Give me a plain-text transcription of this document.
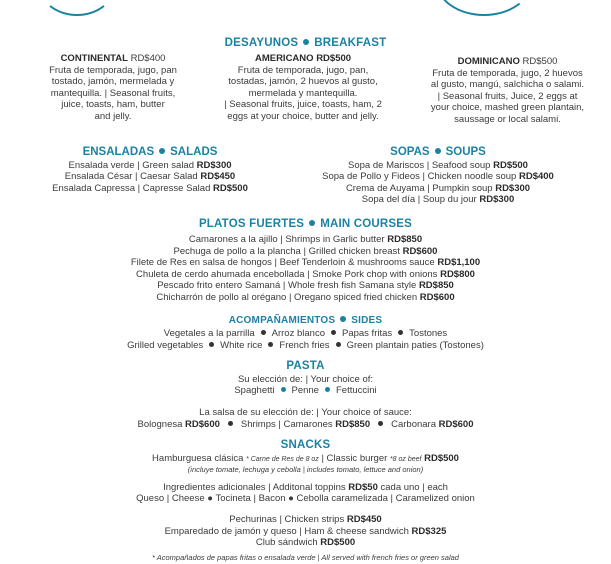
DESAYUNOS BREAKFAST
CONTINENTAL RD$400
Fruta de temporada, jugo, pan
tostado, jamón, mermelada y
mantequilla. | Seasonal fruits,
juice, toasts, ham, butter
and jelly.
AMERICANO RD$500
Fruta de temporada, jugo, pan,
tostadas, jamón, 2 huevos al gusto,
mermelada y mantequilla.
| Seasonal fruits, juice, toasts, ham, 2
eggs at your choice, butter and jelly.
DOMINICANO RD$500
Fruta de temporada, jugo, 2 huevos
al gusto, mangú, salchicha o salami.
| Seasonal fruits, Juice, 2 eggs at
your choice, mashed green plantain,
saussage or local salami.
ENSALADAS SALADS
Ensalada verde | Green salad RD$300
Ensalada César | Caesar Salad RD$450
Ensalada Capressa | Capresse Salad RD$500
SOPAS SOUPS
Sopa de Mariscos | Seafood soup RD$500
Sopa de Pollo y Fideos | Chicken noodle soup RD$400
Crema de Auyama | Pumpkin soup RD$300
Sopa del día | Soup du jour RD$300
PLATOS FUERTES MAIN COURSES
Camarones a la ajillo | Shrimps in Garlic butter RD$850
Pechuga de pollo a la plancha | Grilled chicken breast RD$600
Filete de Res en salsa de hongos | Beef Tenderloin & mushrooms sauce RD$1,100
Chuleta de cerdo ahumada encebollada | Smoke Pork chop with onions RD$800
Pescado frito entero Samaná | Whole fresh fish Samana style RD$850
Chicharrón de pollo al orégano | Oregano spiced fried chicken RD$600
ACOMPAÑAMIENTOS SIDES
Vegetales a la parrilla Arroz blanco Papas fritas Tostones
Grilled vegetables White rice French fries Green plantain paties (Tostones)
PASTA
Su elección de: | Your choice of:
Spaghetti Penne Fettuccini
La salsa de su elección de: | Your choice of sauce:
Bolognesa RD$600 Shrimps | Camarones RD$850 Carbonara RD$600
SNACKS
Hamburguesa clásica * Carne de Res de 8 oz | Classic burger *8 oz beef RD$500
(incluye tomate, lechuga y cebolla | includes tomato, lettuce and onion)
Ingredientes adicionales | Additonal toppins RD$50 cada uno | each
Queso | Cheese ● Tocineta | Bacon ● Cebolla caramelizada | Caramelized onion
Pechurinas | Chicken strips RD$450
Emparedado de jamón y queso | Ham & cheese sandwich RD$325
Club sándwich RD$500
* Acompañados de papas fritas o ensalada verde | All served with french fries or green salad
